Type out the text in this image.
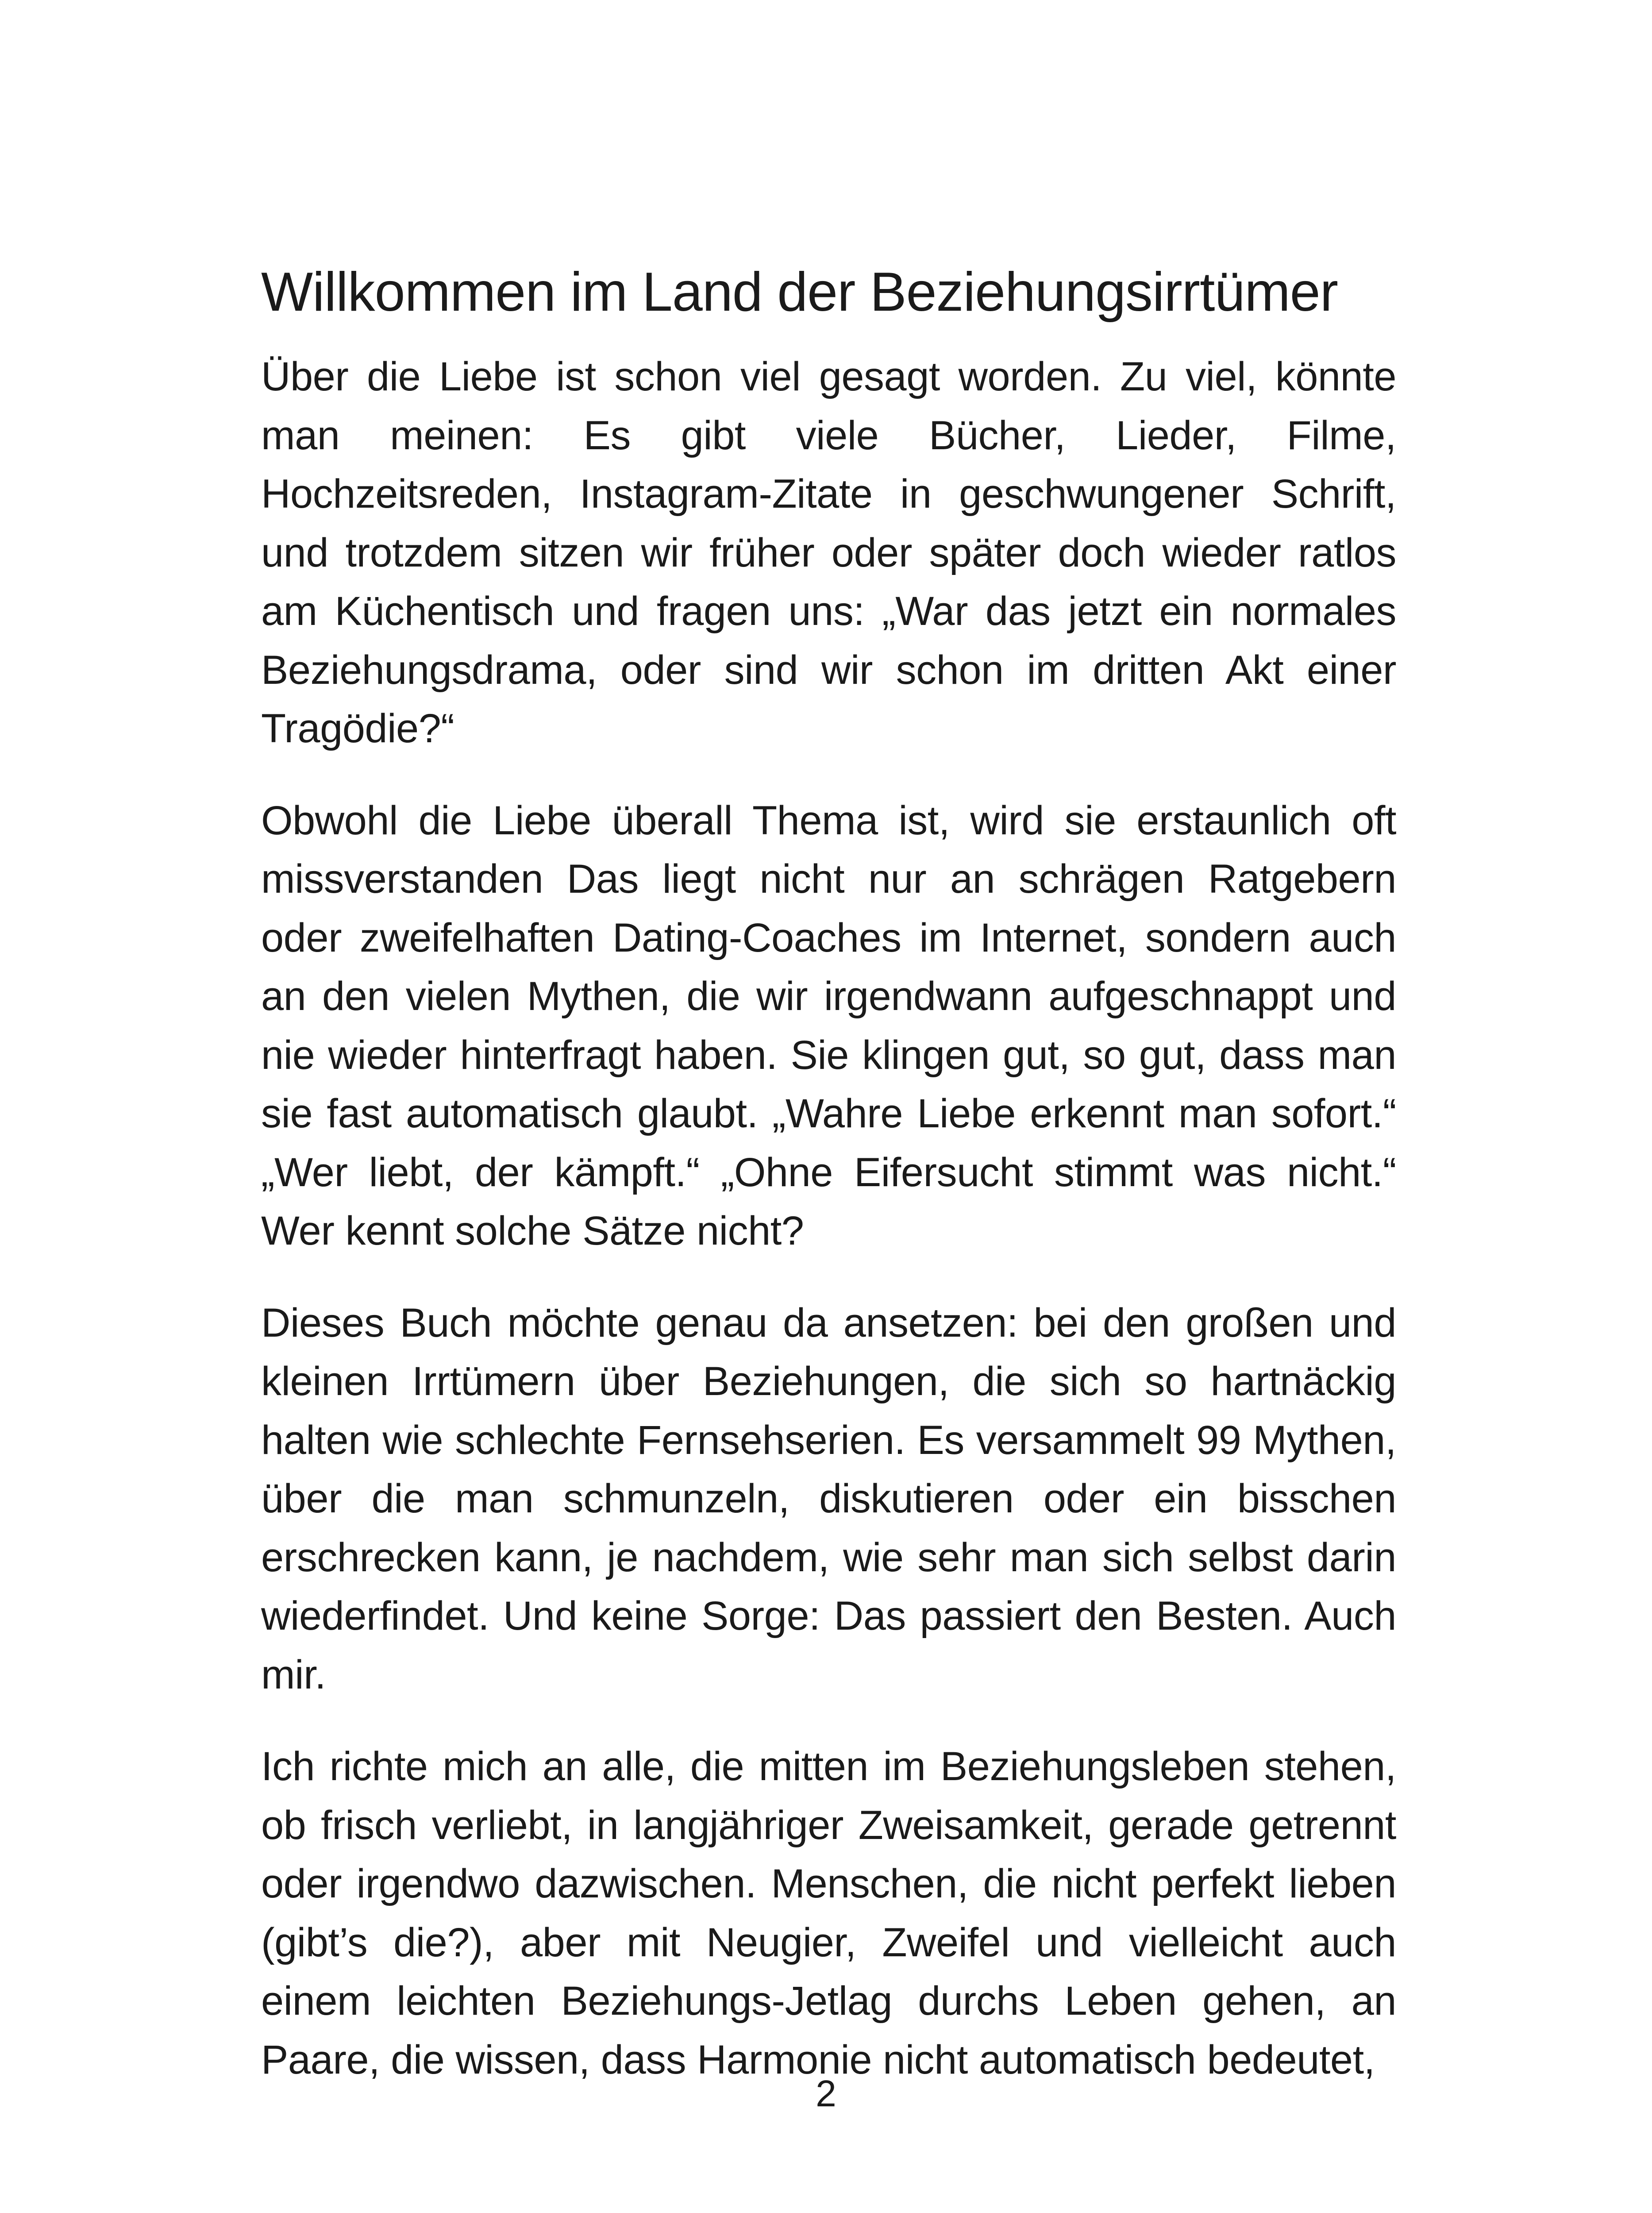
Willkommen im Land der Beziehungsirrtümer

Über die Liebe ist schon viel gesagt worden. Zu viel, könnte man meinen: Es gibt viele Bücher, Lieder, Filme, Hochzeitsreden, Instagram-Zitate in geschwungener Schrift, und trotzdem sitzen wir früher oder später doch wieder ratlos am Küchentisch und fragen uns: „War das jetzt ein normales Beziehungsdrama, oder sind wir schon im dritten Akt einer Tragödie?“

Obwohl die Liebe überall Thema ist, wird sie erstaunlich oft missverstanden Das liegt nicht nur an schrägen Ratgebern oder zweifelhaften Dating-Coaches im Internet, sondern auch an den vielen Mythen, die wir irgendwann aufgeschnappt und nie wieder hinterfragt haben. Sie klingen gut, so gut, dass man sie fast automatisch glaubt. „Wahre Liebe erkennt man sofort.“ „Wer liebt, der kämpft.“ „Ohne Eifersucht stimmt was nicht.“ Wer kennt solche Sätze nicht?

Dieses Buch möchte genau da ansetzen: bei den großen und kleinen Irrtümern über Beziehungen, die sich so hartnäckig halten wie schlechte Fernsehserien. Es versammelt 99 Mythen, über die man schmunzeln, diskutieren oder ein bisschen erschrecken kann, je nachdem, wie sehr man sich selbst darin wiederfindet. Und keine Sorge: Das passiert den Besten. Auch mir.

Ich richte mich an alle, die mitten im Beziehungsleben stehen, ob frisch verliebt, in langjähriger Zweisamkeit, gerade getrennt oder irgendwo dazwischen. Menschen, die nicht perfekt lieben (gibt’s die?), aber mit Neugier, Zweifel und vielleicht auch einem leichten Beziehungs-Jetlag durchs Leben gehen, an Paare, die wissen, dass Harmonie nicht automatisch bedeutet,

2
